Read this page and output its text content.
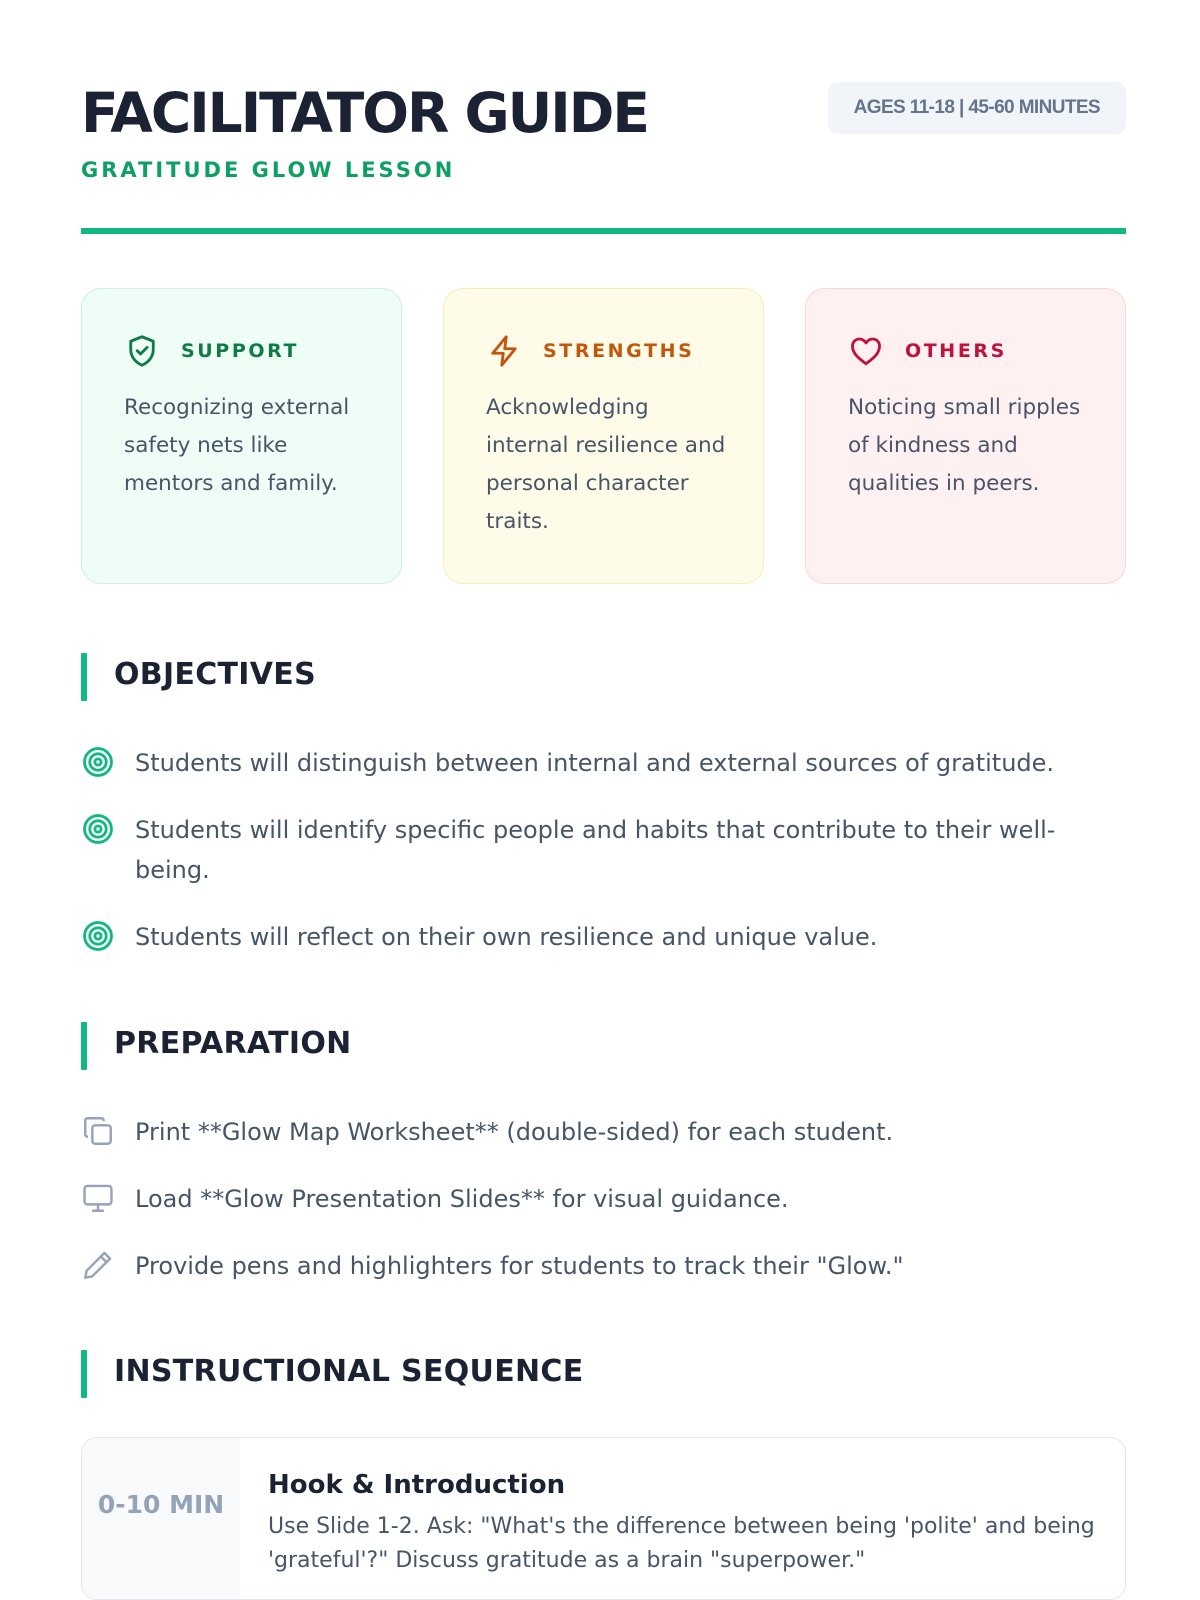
FACILITATOR GUIDE
GRATITUDE GLOW LESSON
AGES 11-18 | 45-60 MINUTES
SUPPORT
Recognizing external safety nets like mentors and family.
STRENGTHS
Acknowledging internal resilience and personal character traits.
OTHERS
Noticing small ripples of kindness and qualities in peers.
OBJECTIVES
Students will distinguish between internal and external sources of gratitude.
Students will identify specific people and habits that contribute to their well-being.
Students will reflect on their own resilience and unique value.
PREPARATION
Print **Glow Map Worksheet** (double-sided) for each student.
Load **Glow Presentation Slides** for visual guidance.
Provide pens and highlighters for students to track their "Glow."
INSTRUCTIONAL SEQUENCE
0-10 MIN
Hook & Introduction
Use Slide 1-2. Ask: "What's the difference between being 'polite' and being 'grateful'?" Discuss gratitude as a brain "superpower."
